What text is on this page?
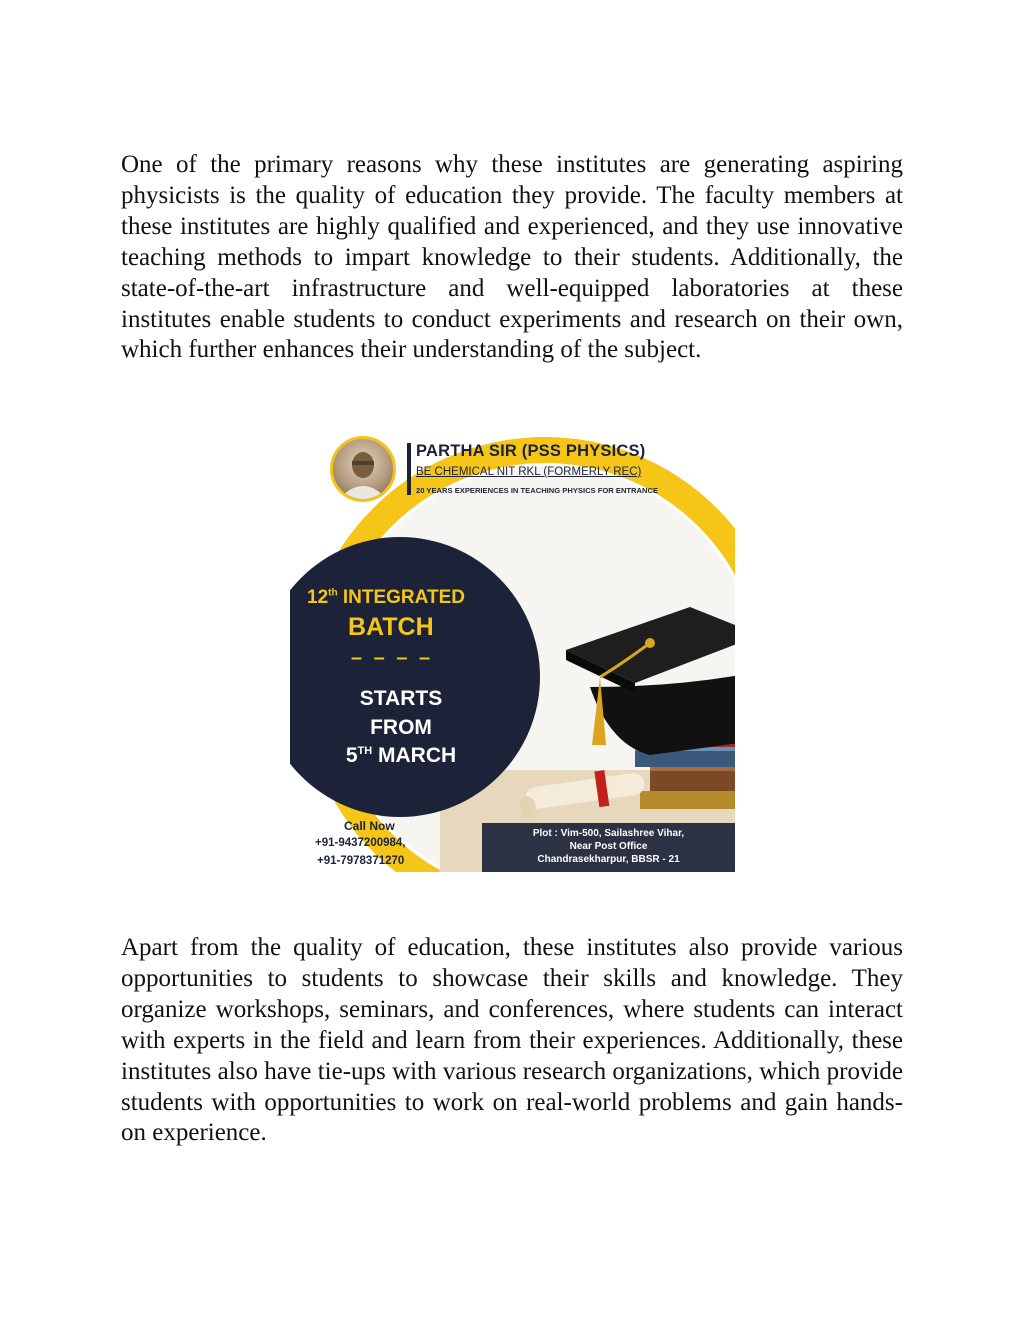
One of the primary reasons why these institutes are generating aspiring physicists is the quality of education they provide. The faculty members at these institutes are highly qualified and experienced, and they use innovative teaching methods to impart knowledge to their students. Additionally, the state-of-the-art infrastructure and well-equipped laboratories at these institutes enable students to conduct experiments and research on their own, which further enhances their understanding of the subject.

PARTHA SIR (PSS PHYSICS)
BE CHEMICAL NIT RKL (FORMERLY REC)
20 YEARS EXPERIENCES IN TEACHING PHYSICS FOR ENTRANCE
12th INTEGRATED
BATCH
– – – –
STARTS
FROM
5TH MARCH
Call Now
+91-9437200984,
+91-7978371270
Plot : Vim-500, Sailashree Vihar,
Near Post Office
Chandrasekharpur, BBSR - 21

Apart from the quality of education, these institutes also provide various opportunities to students to showcase their skills and knowledge. They organize workshops, seminars, and conferences, where students can interact with experts in the field and learn from their experiences. Additionally, these institutes also have tie-ups with various research organizations, which provide students with opportunities to work on real-world problems and gain hands-on experience.
